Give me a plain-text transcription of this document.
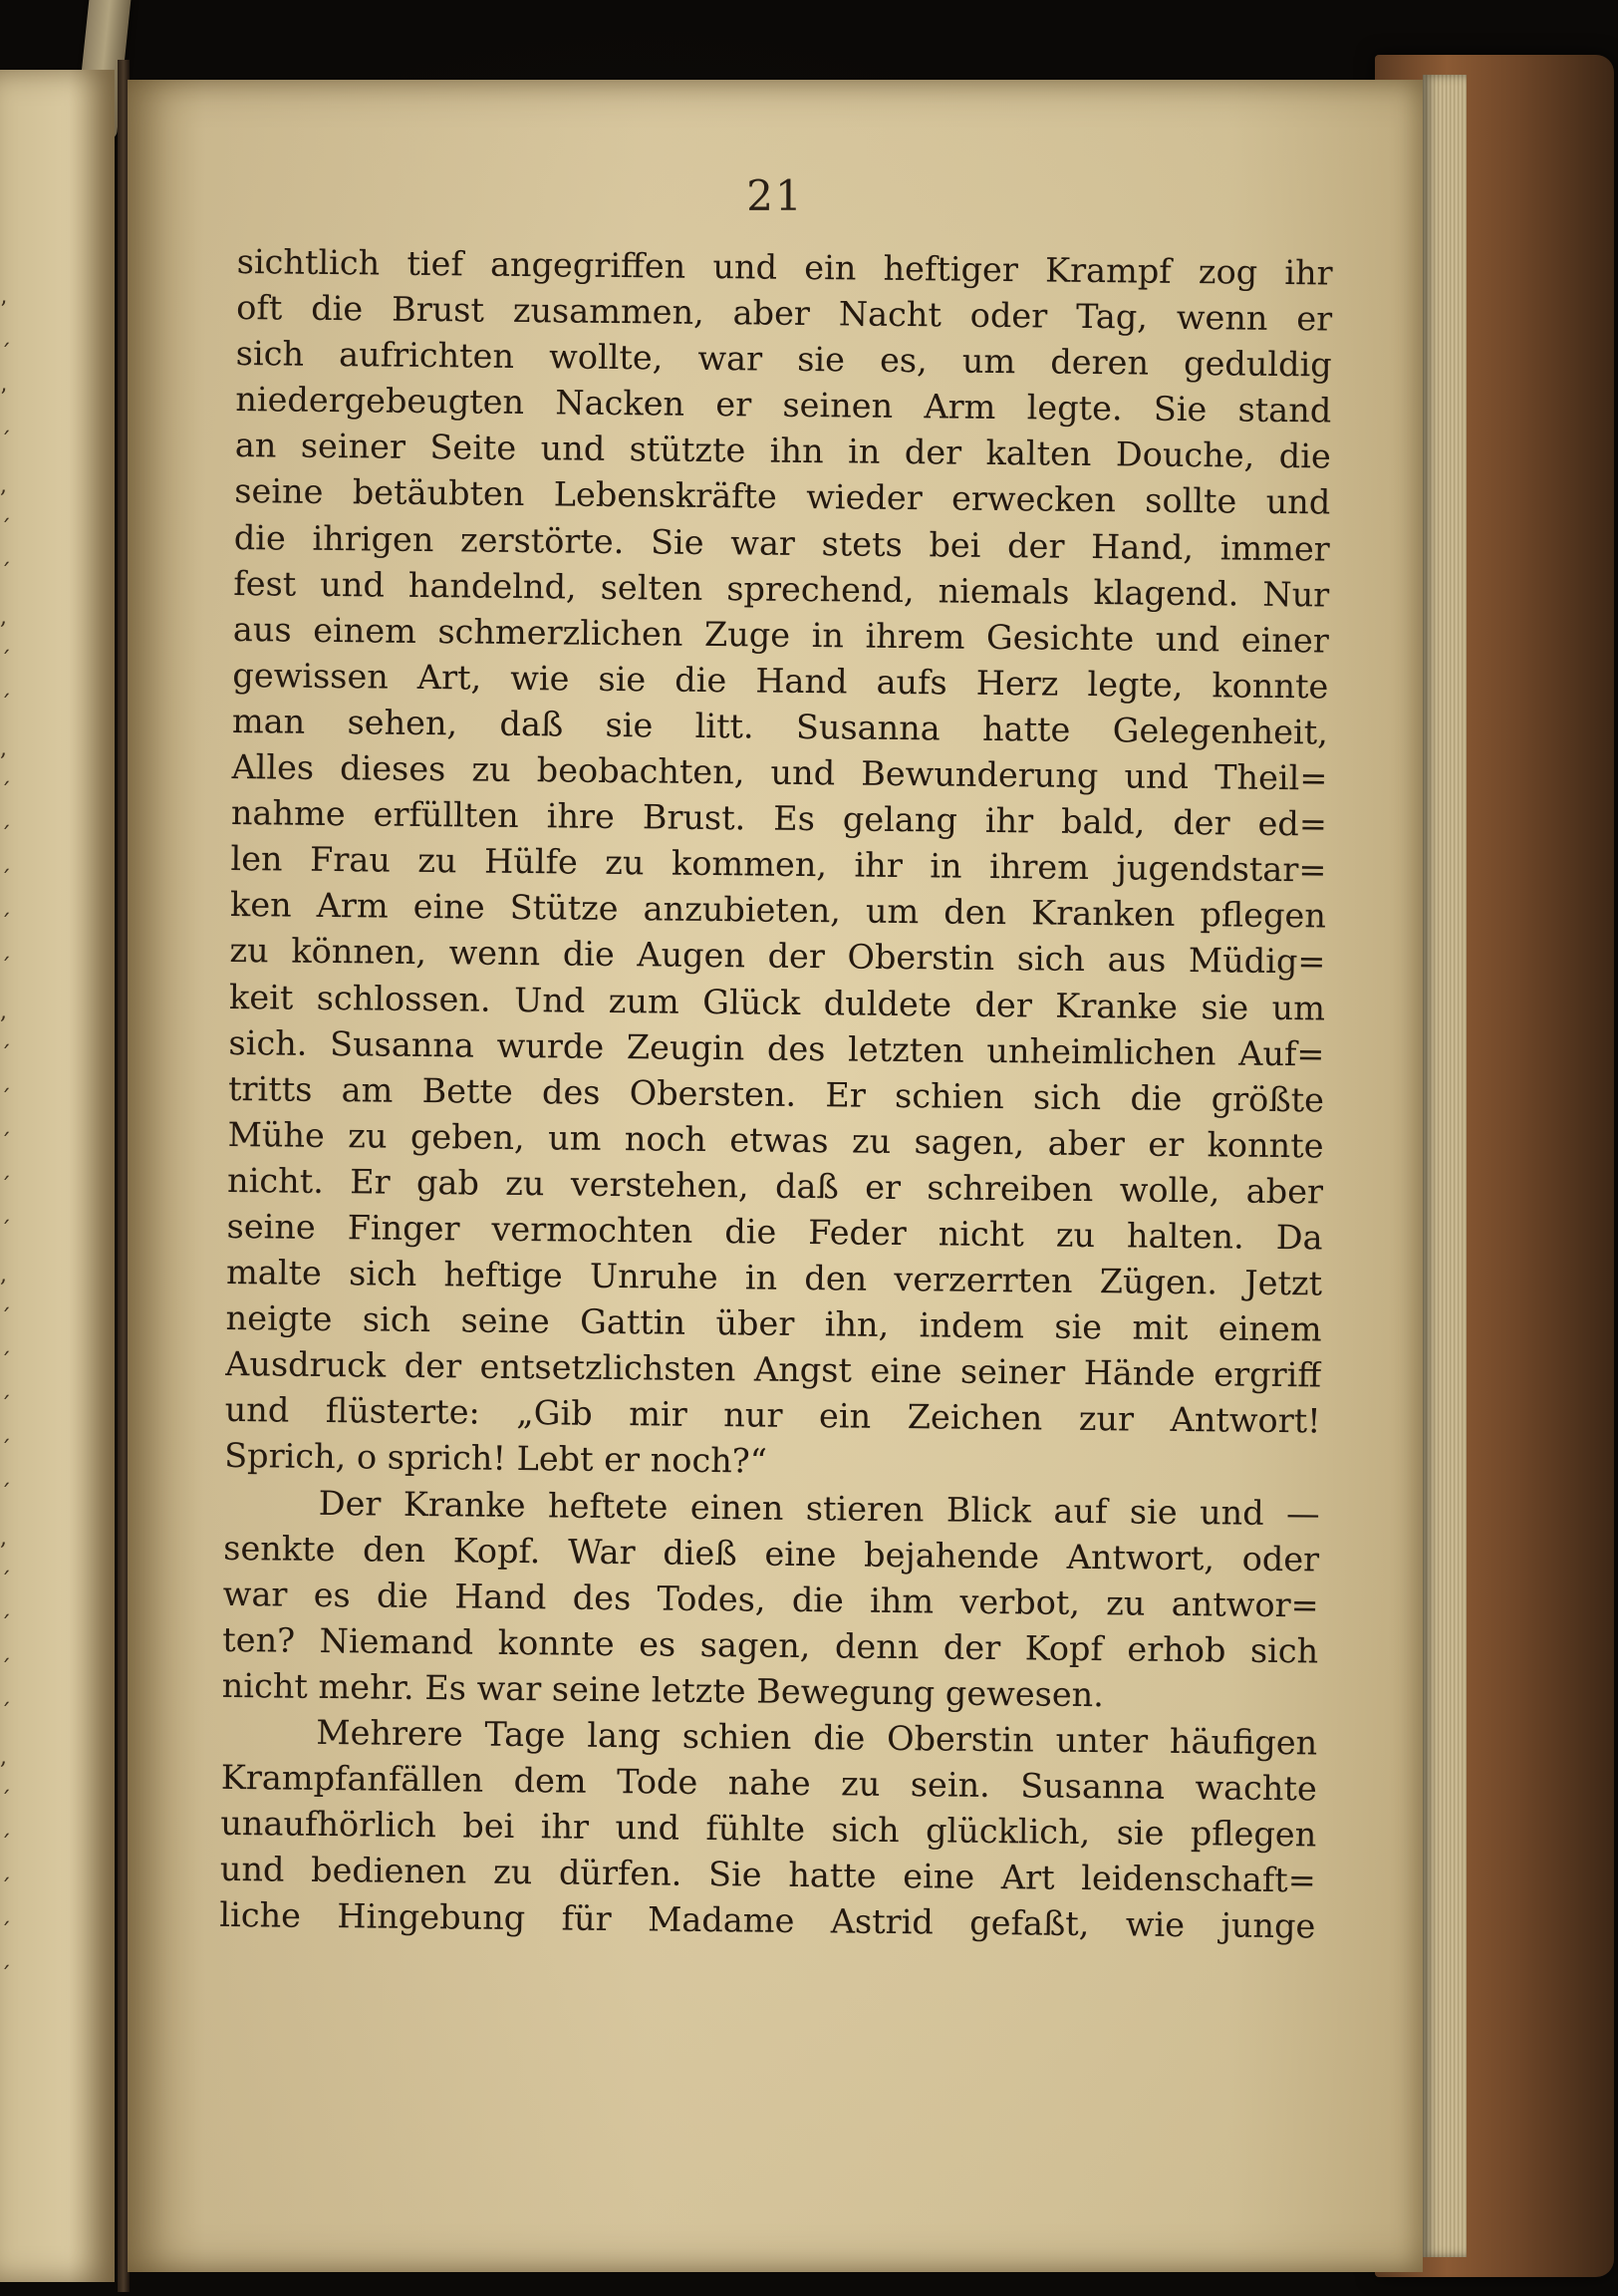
’
´
’
´
,
´
´
,
´
´
,
´
´
´
´
´
,
´
´
´
´
´
,
´
´
´
´
´
,
´
´
´
´
,
´
´
´
´
´
21
sichtlich tief angegriffen und ein heftiger Krampf zog ihr
oft die Brust zusammen, aber Nacht oder Tag, wenn er
sich aufrichten wollte, war sie es, um deren geduldig
niedergebeugten Nacken er seinen Arm legte. Sie stand
an seiner Seite und stützte ihn in der kalten Douche, die
seine betäubten Lebenskräfte wieder erwecken sollte und
die ihrigen zerstörte. Sie war stets bei der Hand, immer
fest und handelnd, selten sprechend, niemals klagend. Nur
aus einem schmerzlichen Zuge in ihrem Gesichte und einer
gewissen Art, wie sie die Hand aufs Herz legte, konnte
man sehen, daß sie litt. Susanna hatte Gelegenheit,
Alles dieses zu beobachten, und Bewunderung und Theil=
nahme erfüllten ihre Brust. Es gelang ihr bald, der ed=
len Frau zu Hülfe zu kommen, ihr in ihrem jugendstar=
ken Arm eine Stütze anzubieten, um den Kranken pflegen
zu können, wenn die Augen der Oberstin sich aus Müdig=
keit schlossen. Und zum Glück duldete der Kranke sie um
sich. Susanna wurde Zeugin des letzten unheimlichen Auf=
tritts am Bette des Obersten. Er schien sich die größte
Mühe zu geben, um noch etwas zu sagen, aber er konnte
nicht. Er gab zu verstehen, daß er schreiben wolle, aber
seine Finger vermochten die Feder nicht zu halten. Da
malte sich heftige Unruhe in den verzerrten Zügen. Jetzt
neigte sich seine Gattin über ihn, indem sie mit einem
Ausdruck der entsetzlichsten Angst eine seiner Hände ergriff
und flüsterte: „Gib mir nur ein Zeichen zur Antwort!
Sprich, o sprich! Lebt er noch?“
Der Kranke heftete einen stieren Blick auf sie und —
senkte den Kopf. War dieß eine bejahende Antwort, oder
war es die Hand des Todes, die ihm verbot, zu antwor=
ten? Niemand konnte es sagen, denn der Kopf erhob sich
nicht mehr. Es war seine letzte Bewegung gewesen.
Mehrere Tage lang schien die Oberstin unter häufigen
Krampfanfällen dem Tode nahe zu sein. Susanna wachte
unaufhörlich bei ihr und fühlte sich glücklich, sie pflegen
und bedienen zu dürfen. Sie hatte eine Art leidenschaft=
liche Hingebung für Madame Astrid gefaßt, wie junge
